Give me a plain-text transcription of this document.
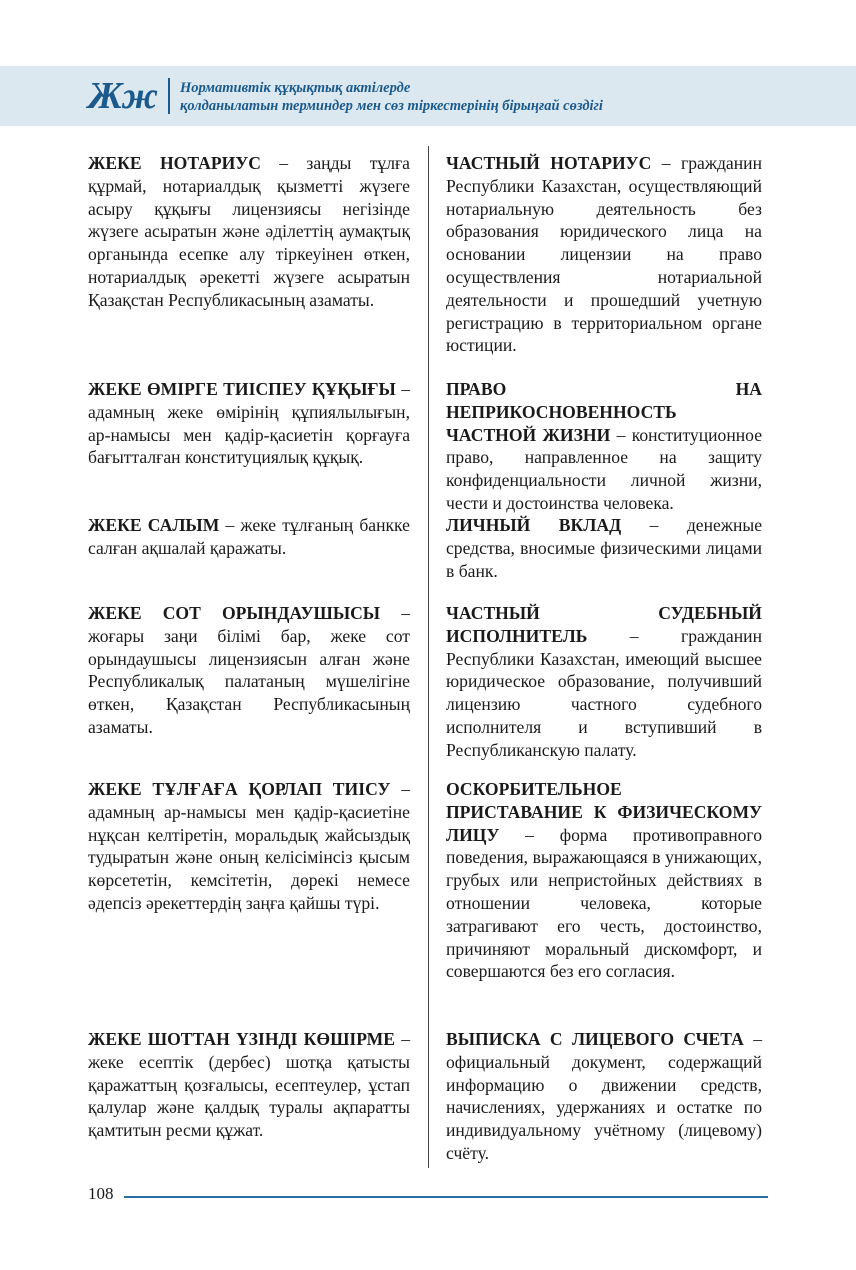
Жж Нормативтік құқықтық актілерде
қолданылатын терминдер мен сөз тіркестерінің бірыңғай сөздігі
ЖЕКЕ НОТАРИУС – заңды тұлға құрмай, нотариалдық қызметті жүзеге асыру құқығы лицензиясы негізінде жүзеге асыратын және әділеттің аумақтық органында есепке алу тіркеуінен өткен, нотариалдық әрекетті жүзеге асыратын Қазақстан Республикасының азаматы.
ЧАСТНЫЙ НОТАРИУС – гражданин Республики Казахстан, осуществляющий нотариальную деятельность без образования юридического лица на основании лицензии на право осуществления нотариальной деятельности и прошедший учетную регистрацию в территориальном органе юстиции.
ЖЕКЕ ӨМІРГЕ ТИІСПЕУ ҚҰҚЫҒЫ – адамның жеке өмірінің құпиялылығын, ар-намысы мен қадір-қасиетін қорғауға бағытталған конституциялық құқық.
ПРАВО НА НЕПРИКОСНОВЕННОСТЬ ЧАСТНОЙ ЖИЗНИ – конституционное право, направленное на защиту конфиденциальности личной жизни, чести и достоинства человека.
ЖЕКЕ САЛЫМ – жеке тұлғаның банкке салған ақшалай қаражаты.
ЛИЧНЫЙ ВКЛАД – денежные средства, вносимые физическими лицами в банк.
ЖЕКЕ СОТ ОРЫНДАУШЫСЫ – жоғары заңи білімі бар, жеке сот орындаушысы лицензиясын алған және Республикалық палатаның мүшелігіне өткен, Қазақстан Республикасының азаматы.
ЧАСТНЫЙ СУДЕБНЫЙ ИСПОЛНИТЕЛЬ – гражданин Республики Казахстан, имеющий высшее юридическое образование, получивший лицензию частного судебного исполнителя и вступивший в Республиканскую палату.
ЖЕКЕ ТҰЛҒАҒА ҚОРЛАП ТИІСУ – адамның ар-намысы мен қадір-қасиетіне нұқсан келтіретін, моральдық жайсыздық тудыратын және оның келісімінсіз қысым көрсететін, кемсітетін, дөрекі немесе әдепсіз әрекеттердің заңға қайшы түрі.
ОСКОРБИТЕЛЬНОЕ ПРИСТАВАНИЕ К ФИЗИЧЕСКОМУ ЛИЦУ – форма противоправного поведения, выражающаяся в унижающих, грубых или непристойных действиях в отношении человека, которые затрагивают его честь, достоинство, причиняют моральный дискомфорт, и совершаются без его согласия.
ЖЕКЕ ШОТТАН ҮЗІНДІ КӨШІРМЕ – жеке есептік (дербес) шотқа қатысты қаражаттың қозғалысы, есептеулер, ұстап қалулар және қалдық туралы ақпаратты қамтитын ресми құжат.
ВЫПИСКА С ЛИЦЕВОГО СЧЕТА – официальный документ, содержащий информацию о движении средств, начислениях, удержаниях и остатке по индивидуальному учётному (лицевому) счёту.
108
